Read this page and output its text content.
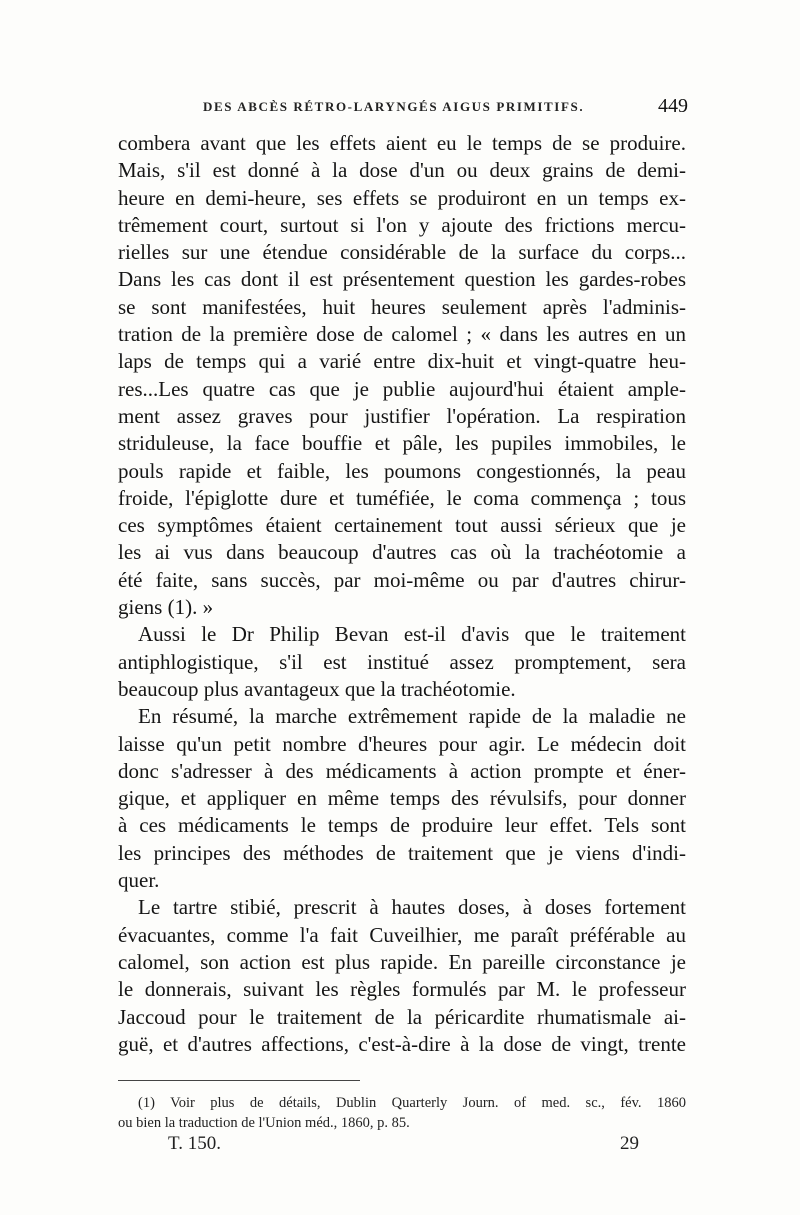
DES ABCÈS RÉTRO-LARYNGÉS AIGUS PRIMITIFS.	449
combera avant que les effets aient eu le temps de se produire.
Mais, s'il est donné à la dose d'un ou deux grains de demi-
heure en demi-heure, ses effets se produiront en un temps ex-
trêmement court, surtout si l'on y ajoute des frictions mercu-
rielles sur une étendue considérable de la surface du corps...
Dans les cas dont il est présentement question les gardes-robes
se sont manifestées, huit heures seulement après l'adminis-
tration de la première dose de calomel ; « dans les autres en un
laps de temps qui a varié entre dix-huit et vingt-quatre heu-
res...Les quatre cas que je publie aujourd'hui étaient ample-
ment assez graves pour justifier l'opération. La respiration
striduleuse, la face bouffie et pâle, les pupiles immobiles, le
pouls rapide et faible, les poumons congestionnés, la peau
froide, l'épiglotte dure et tuméfiée, le coma commença ; tous
ces symptômes étaient certainement tout aussi sérieux que je
les ai vus dans beaucoup d'autres cas où la trachéotomie a
été faite, sans succès, par moi-même ou par d'autres chirur-
giens (1). »
Aussi le Dr Philip Bevan est-il d'avis que le traitement
antiphlogistique, s'il est institué assez promptement, sera
beaucoup plus avantageux que la trachéotomie.
En résumé, la marche extrêmement rapide de la maladie ne
laisse qu'un petit nombre d'heures pour agir. Le médecin doit
donc s'adresser à des médicaments à action prompte et éner-
gique, et appliquer en même temps des révulsifs, pour donner
à ces médicaments le temps de produire leur effet. Tels sont
les principes des méthodes de traitement que je viens d'indi-
quer.
Le tartre stibié, prescrit à hautes doses, à doses fortement
évacuantes, comme l'a fait Cuveilhier, me paraît préférable au
calomel, son action est plus rapide. En pareille circonstance je
le donnerais, suivant les règles formulés par M. le professeur
Jaccoud pour le traitement de la péricardite rhumatismale ai-
guë, et d'autres affections, c'est-à-dire à la dose de vingt, trente
(1) Voir plus de détails, Dublin Quarterly Journ. of med. sc., fév. 1860
ou bien la traduction de l'Union méd., 1860, p. 85.
T. 150.	29
